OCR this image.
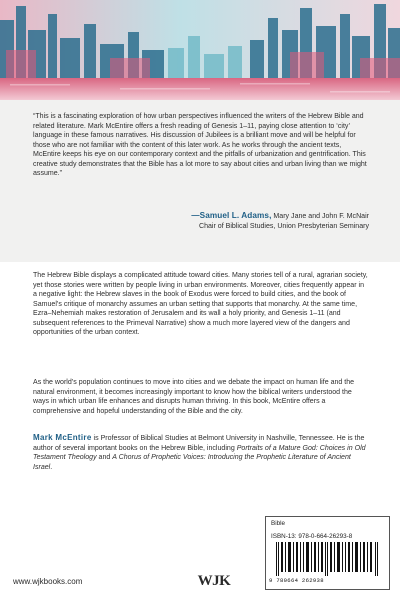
“This is a fascinating exploration of how urban perspectives influenced the writers of the Hebrew Bible and related literature. Mark McEntire offers a fresh reading of Genesis 1–11, paying close attention to ‘city’ language in these famous narratives. His discussion of Jubilees is a brilliant move and will be helpful for those who are not familiar with the content of this later work. As he works through the ancient texts, McEntire keeps his eye on our contemporary context and the pitfalls of urbanization and gentrification. This creative study demonstrates that the Bible has a lot more to say about cities and urban living than we might assume.”

—Samuel L. Adams, Mary Jane and John F. McNair
Chair of Biblical Studies, Union Presbyterian Seminary

The Hebrew Bible displays a complicated attitude toward cities. Many stories tell of a rural, agrarian society, yet those stories were written by people living in urban environments. Moreover, cities frequently appear in a negative light: the Hebrew slaves in the book of Exodus were forced to build cities, and the book of Samuel’s critique of monarchy assumes an urban setting that supports that monarchy. At the same time, Ezra–Nehemiah makes restoration of Jerusalem and its wall a holy priority, and Genesis 1–11 (and subsequent references to the Primeval Narrative) show a much more layered view of the dangers and opportunities of the urban context.

As the world’s population continues to move into cities and we debate the impact on human life and the natural environment, it becomes increasingly important to know how the biblical writers understood the ways in which urban life enhances and disrupts human thriving. In this book, McEntire offers a comprehensive and hopeful understanding of the Bible and the city.

Mark McEntire is Professor of Biblical Studies at Belmont University in Nashville, Tennessee. He is the author of several important books on the Hebrew Bible, including Portraits of a Mature God: Choices in Old Testament Theology and A Chorus of Prophetic Voices: Introducing the Prophetic Literature of Ancient Israel.

www.wjkbooks.com	WJK
Bible
ISBN-13: 978-0-664-26293-8
9 780664 262938
